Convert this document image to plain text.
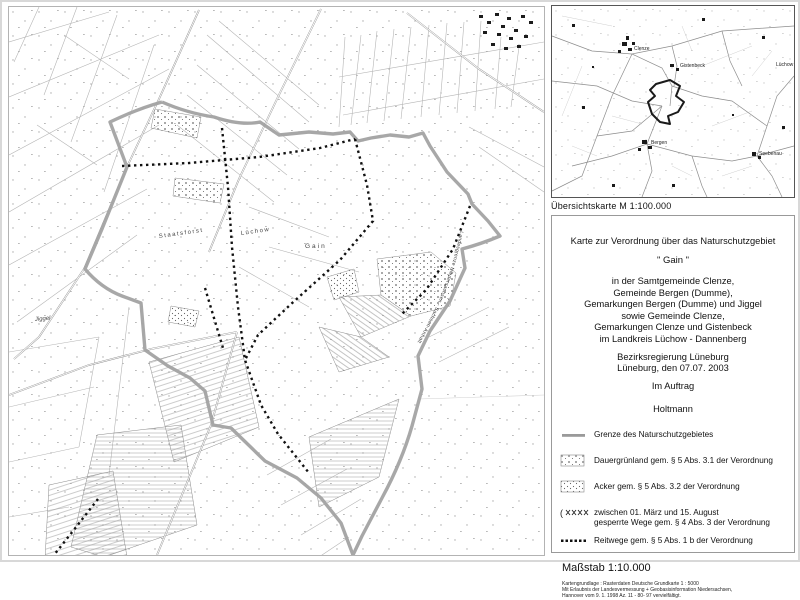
Staatsforst	Lüchow
Gain
Jiggel
Landesgrenze Niedersachsen - Sachsen-Anhalt
Clenze
Gistenbeck
Bergen
Seebenau
Lüchow
Übersichtskarte M 1:100.000
Karte zur Verordnung über das Naturschutzgebiet
" Gain "
in der Samtgemeinde Clenze,
Gemeinde Bergen (Dumme),
Gemarkungen Bergen (Dumme) und Jiggel
sowie Gemeinde Clenze,
Gemarkungen Clenze und Gistenbeck
im Landkreis Lüchow - Dannenberg
Bezirksregierung Lüneburg
Lüneburg, den 07.07. 2003
Im Auftrag
Holtmann
Grenze des Naturschutzgebietes
Dauergrünland gem. § 5 Abs. 3.1 der Verordnung
Acker gem. § 5 Abs. 3.2 der Verordnung
(	zwischen 01. März und 15. August
gesperrte Wege gem. § 4 Abs. 3 der Verordnung
Reitwege gem. § 5 Abs. 1 b der Verordnung
Maßstab 1:10.000
Kartengrundlage : Rasterdaten Deutsche Grundkarte 1 : 5000
Mit Erlaubnis der Landesvermessung + Geobasisinformation Niedersachsen,
Hannover vom 9. 1. 1998 Az. 11 - 80- 97 vervielfältigt.
